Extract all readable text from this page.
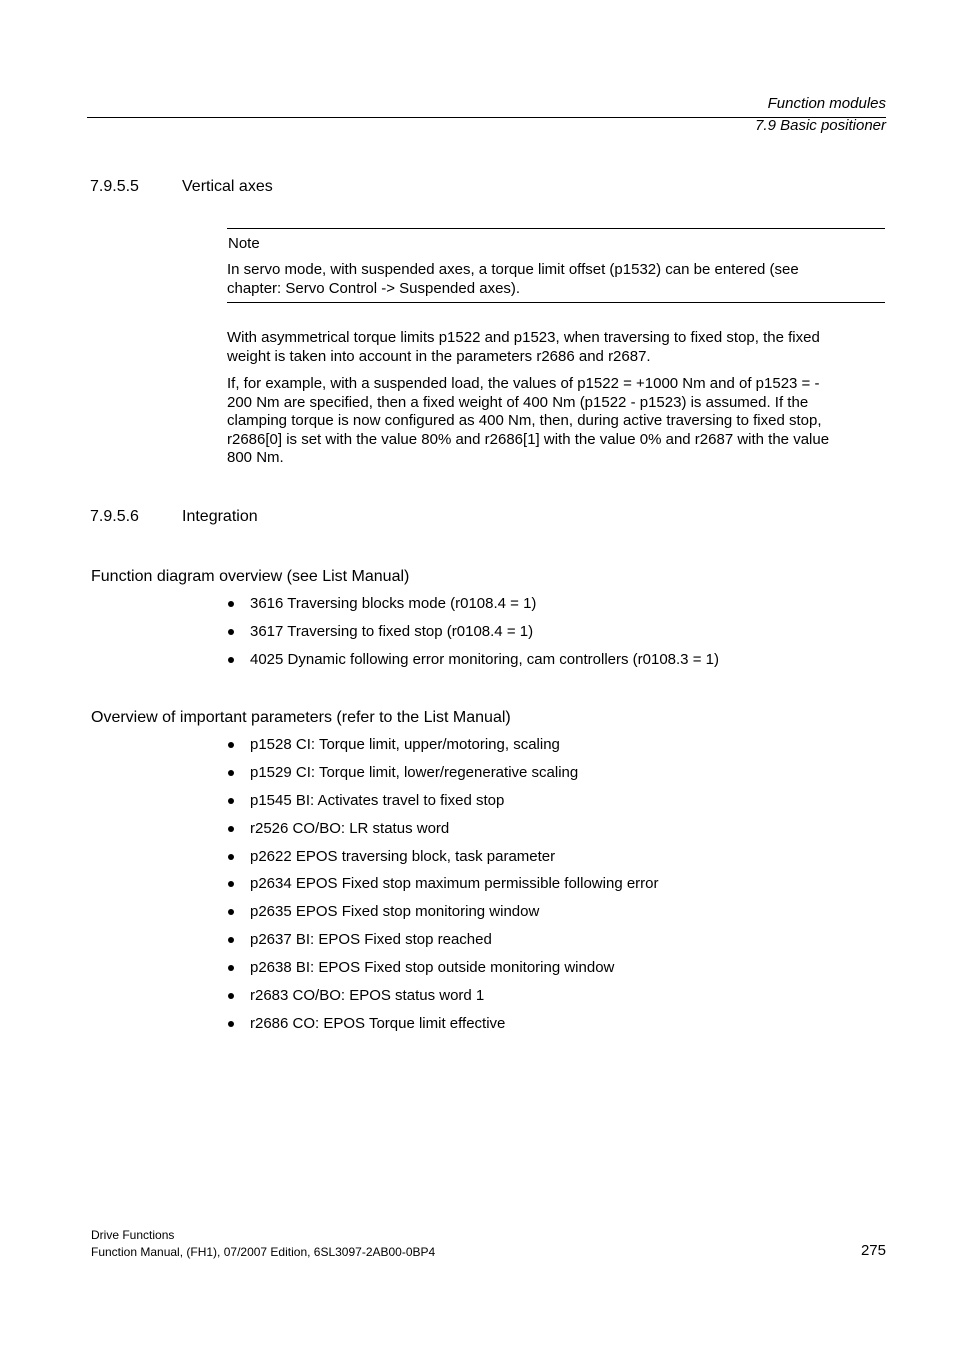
Function modules
7.9 Basic positioner
7.9.5.5	Vertical axes
Note
In servo mode, with suspended axes, a torque limit offset (p1532) can be entered (see
chapter: Servo Control -> Suspended axes).
With asymmetrical torque limits p1522 and p1523, when traversing to fixed stop, the fixed
weight is taken into account in the parameters r2686 and r2687.
If, for example, with a suspended load, the values of p1522 = +1000 Nm and of p1523 = -
200 Nm are specified, then a fixed weight of 400 Nm (p1522 - p1523) is assumed. If the
clamping torque is now configured as 400 Nm, then, during active traversing to fixed stop,
r2686[0] is set with the value 80% and r2686[1] with the value 0% and r2687 with the value
800 Nm.
7.9.5.6	Integration
Function diagram overview (see List Manual)
3616 Traversing blocks mode (r0108.4 = 1)
3617 Traversing to fixed stop (r0108.4 = 1)
4025 Dynamic following error monitoring, cam controllers (r0108.3 = 1)
Overview of important parameters (refer to the List Manual)
p1528 CI: Torque limit, upper/motoring, scaling
p1529 CI: Torque limit, lower/regenerative scaling
p1545 BI: Activates travel to fixed stop
r2526 CO/BO: LR status word
p2622 EPOS traversing block, task parameter
p2634 EPOS Fixed stop maximum permissible following error
p2635 EPOS Fixed stop monitoring window
p2637 BI: EPOS Fixed stop reached
p2638 BI: EPOS Fixed stop outside monitoring window
r2683 CO/BO: EPOS status word 1
r2686 CO: EPOS Torque limit effective
Drive Functions
Function Manual, (FH1), 07/2007 Edition, 6SL3097-2AB00-0BP4	275
